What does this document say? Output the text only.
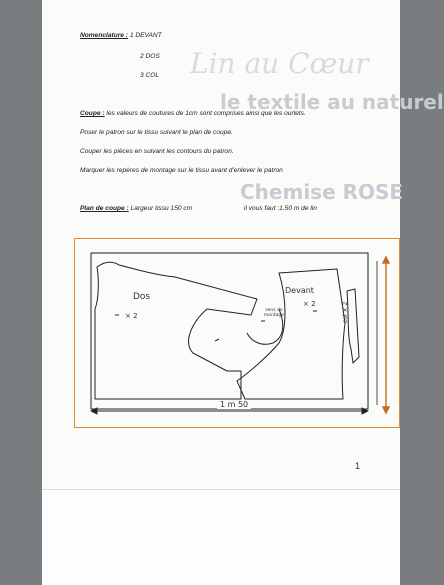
Lin au Cœur
le textile au naturel
Chemise ROSE
Nomenclature : 1 DEVANT
2 DOS
3 COL
Coupe : les valeurs de coutures de 1cm sont comprises ainsi que les ourlets.
Poser le patron sur le tissu suivant le plan de coupe.
Couper les pièces en suivant les contours du patron.
Marquer les repères de montage sur le tissu avant d'enlever le patron
Plan de coupe : Largeur tissu 150 cm	il vous faut :1.50 m de lin
Dos
× 2
Devant
× 2
sens de montage	col × 2
1 m 50
1
